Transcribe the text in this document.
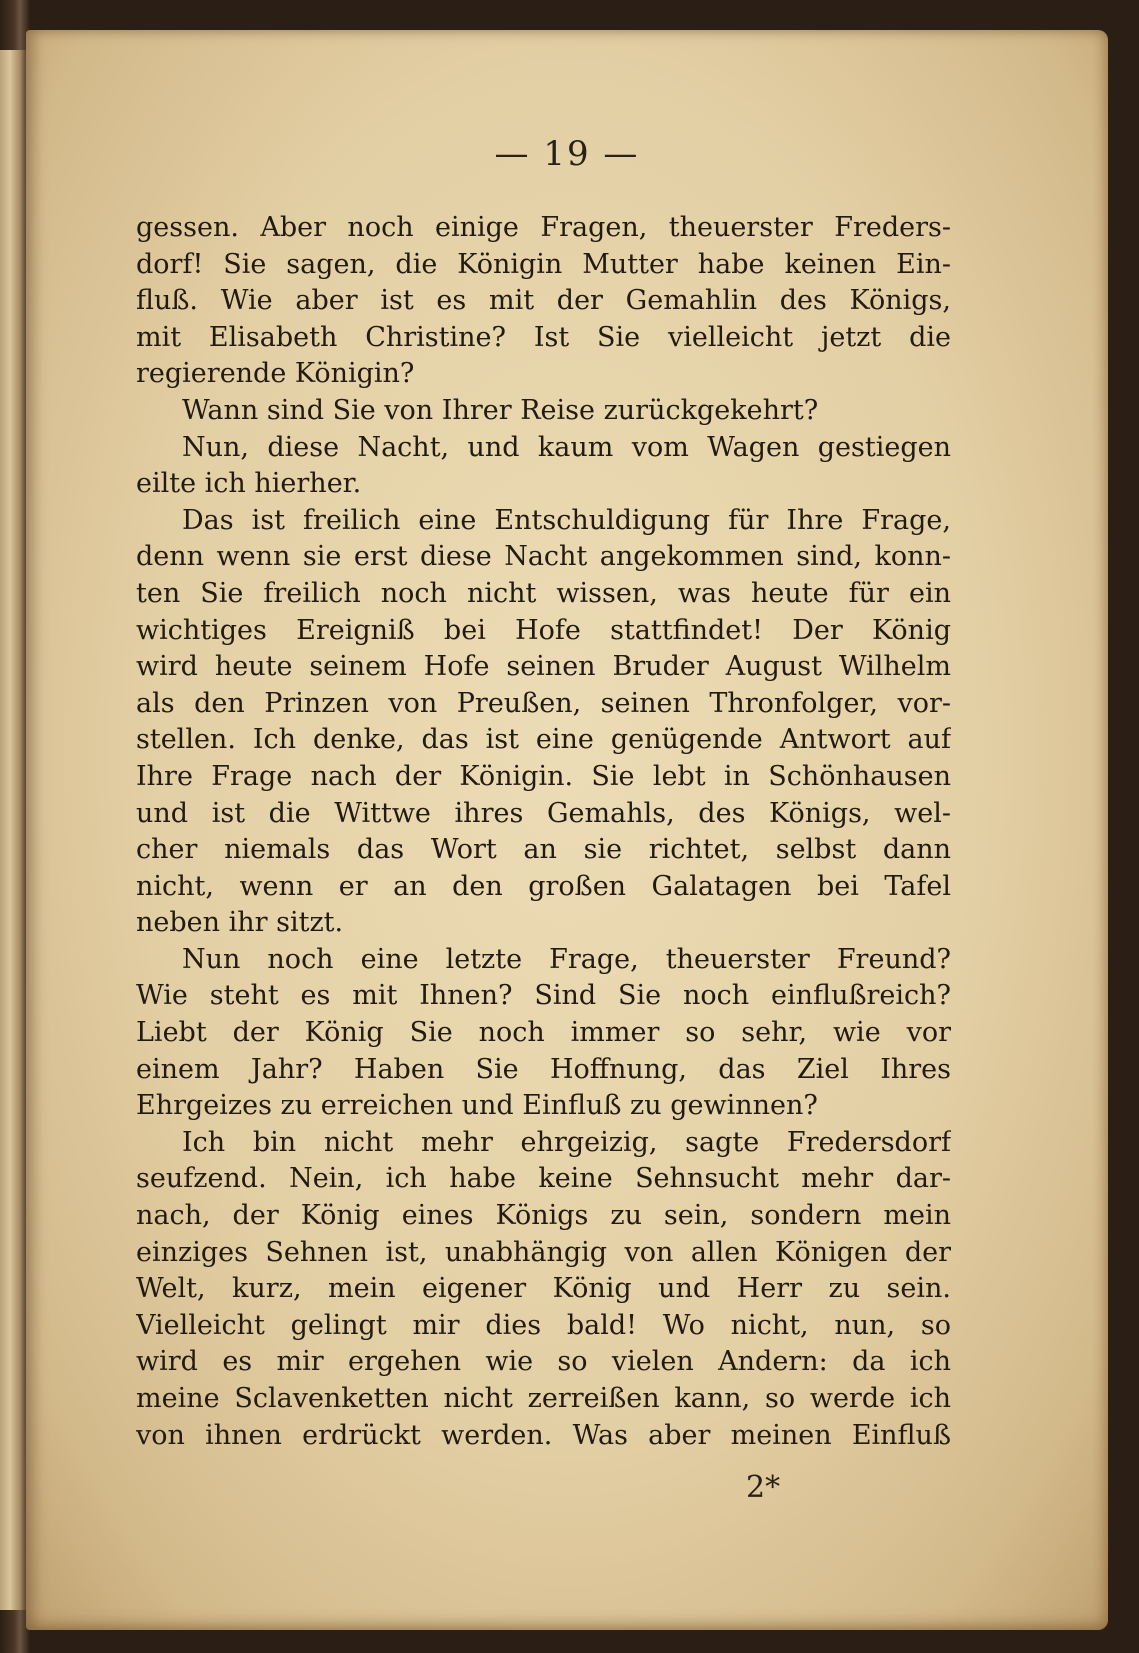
— 19 —
gessen. Aber noch einige Fragen, theuerster Freders-
dorf! Sie sagen, die Königin Mutter habe keinen Ein-
fluß. Wie aber ist es mit der Gemahlin des Königs,
mit Elisabeth Christine? Ist Sie vielleicht jetzt die
regierende Königin?
Wann sind Sie von Ihrer Reise zurückgekehrt?
Nun, diese Nacht, und kaum vom Wagen gestiegen
eilte ich hierher.
Das ist freilich eine Entschuldigung für Ihre Frage,
denn wenn sie erst diese Nacht angekommen sind, konn-
ten Sie freilich noch nicht wissen, was heute für ein
wichtiges Ereigniß bei Hofe stattfindet! Der König
wird heute seinem Hofe seinen Bruder August Wilhelm
als den Prinzen von Preußen, seinen Thronfolger, vor-
stellen. Ich denke, das ist eine genügende Antwort auf
Ihre Frage nach der Königin. Sie lebt in Schönhausen
und ist die Wittwe ihres Gemahls, des Königs, wel-
cher niemals das Wort an sie richtet, selbst dann
nicht, wenn er an den großen Galatagen bei Tafel
neben ihr sitzt.
Nun noch eine letzte Frage, theuerster Freund?
Wie steht es mit Ihnen? Sind Sie noch einflußreich?
Liebt der König Sie noch immer so sehr, wie vor
einem Jahr? Haben Sie Hoffnung, das Ziel Ihres
Ehrgeizes zu erreichen und Einfluß zu gewinnen?
Ich bin nicht mehr ehrgeizig, sagte Fredersdorf
seufzend. Nein, ich habe keine Sehnsucht mehr dar-
nach, der König eines Königs zu sein, sondern mein
einziges Sehnen ist, unabhängig von allen Königen der
Welt, kurz, mein eigener König und Herr zu sein.
Vielleicht gelingt mir dies bald! Wo nicht, nun, so
wird es mir ergehen wie so vielen Andern: da ich
meine Sclavenketten nicht zerreißen kann, so werde ich
von ihnen erdrückt werden. Was aber meinen Einfluß
2*
